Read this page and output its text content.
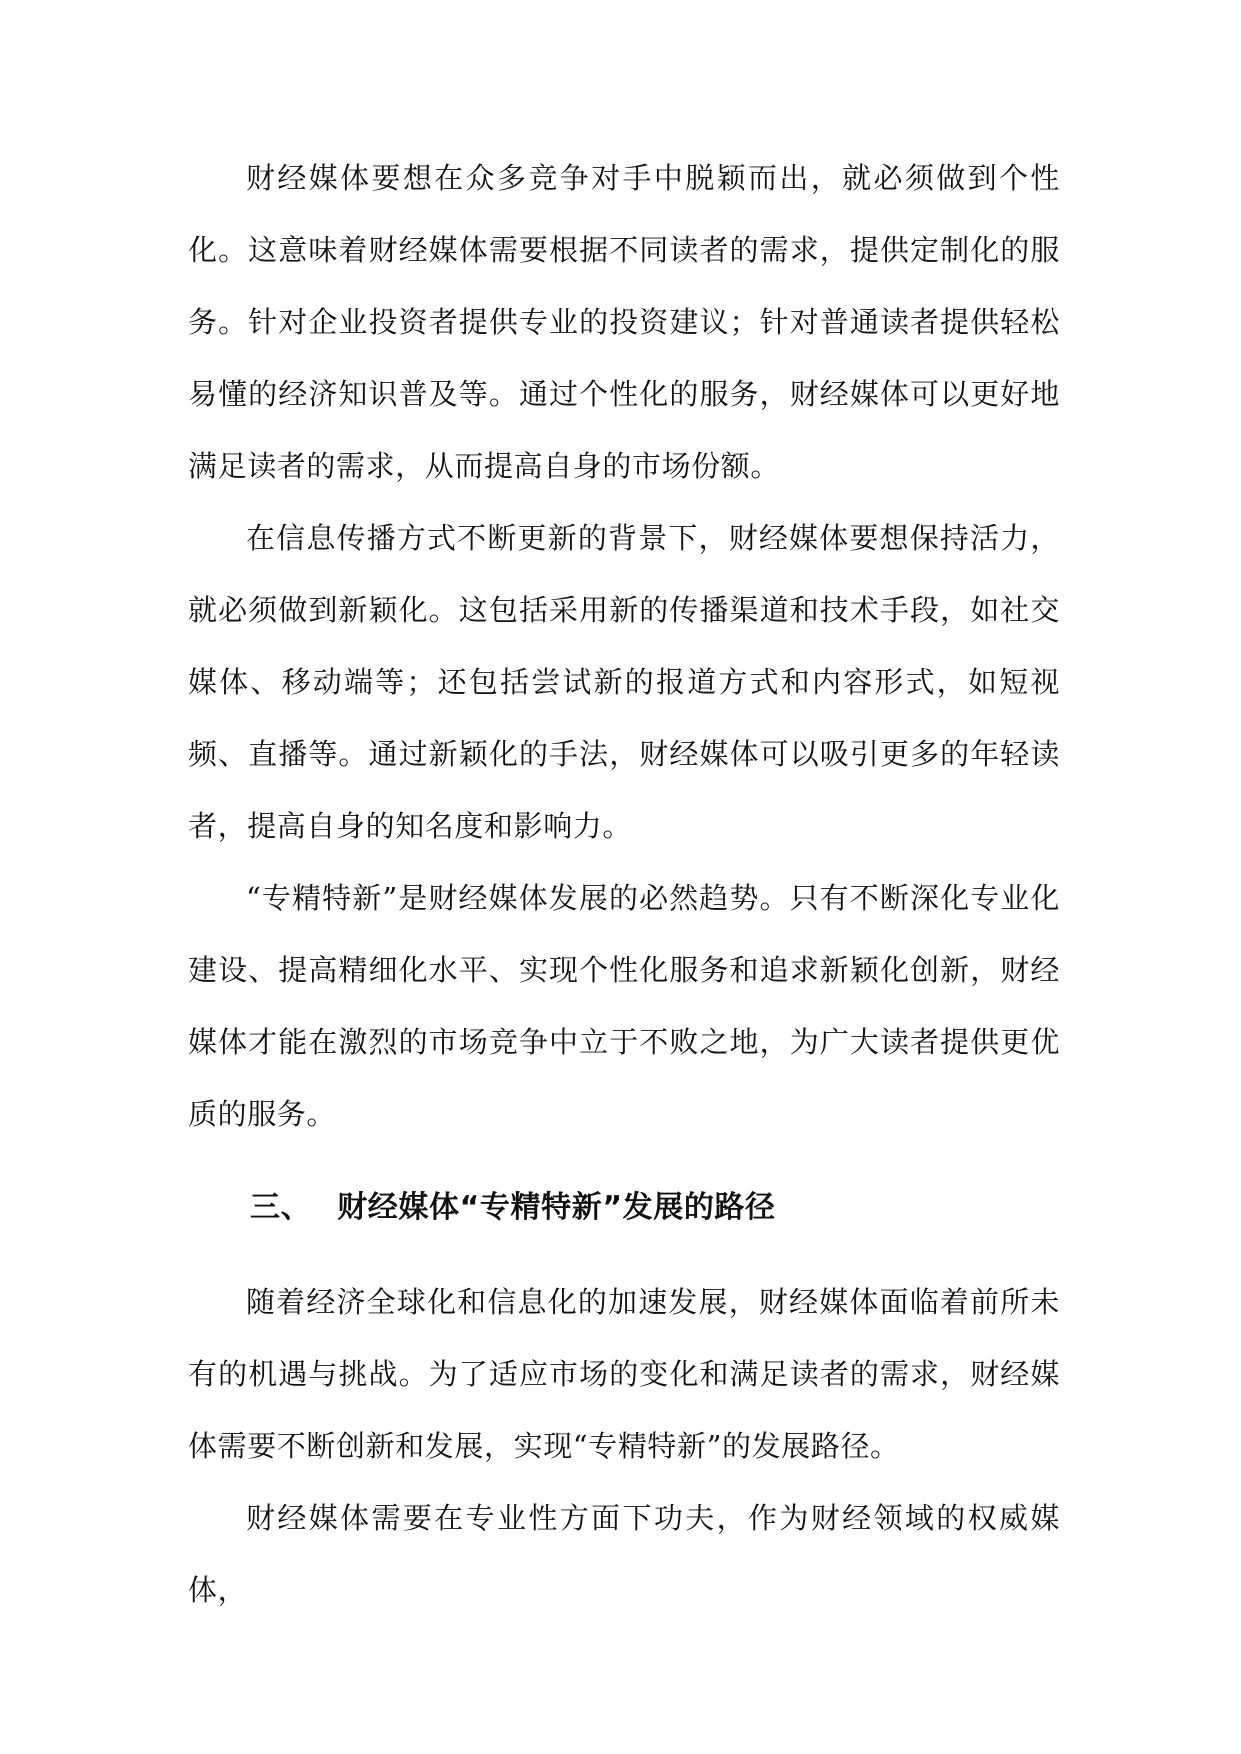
财经媒体要想在众多竞争对手中脱颖而出，就必须做到个性化。这意味着财经媒体需要根据不同读者的需求，提供定制化的服务。针对企业投资者提供专业的投资建议；针对普通读者提供轻松易懂的经济知识普及等。通过个性化的服务，财经媒体可以更好地满足读者的需求，从而提高自身的市场份额。

在信息传播方式不断更新的背景下，财经媒体要想保持活力，就必须做到新颖化。这包括采用新的传播渠道和技术手段，如社交媒体、移动端等；还包括尝试新的报道方式和内容形式，如短视频、直播等。通过新颖化的手法，财经媒体可以吸引更多的年轻读者，提高自身的知名度和影响力。

“专精特新”是财经媒体发展的必然趋势。只有不断深化专业化建设、提高精细化水平、实现个性化服务和追求新颖化创新，财经媒体才能在激烈的市场竞争中立于不败之地，为广大读者提供更优质的服务。

三、 财经媒体“专精特新”发展的路径

随着经济全球化和信息化的加速发展，财经媒体面临着前所未有的机遇与挑战。为了适应市场的变化和满足读者的需求，财经媒体需要不断创新和发展，实现“专精特新”的发展路径。

财经媒体需要在专业性方面下功夫，作为财经领域的权威媒体，
